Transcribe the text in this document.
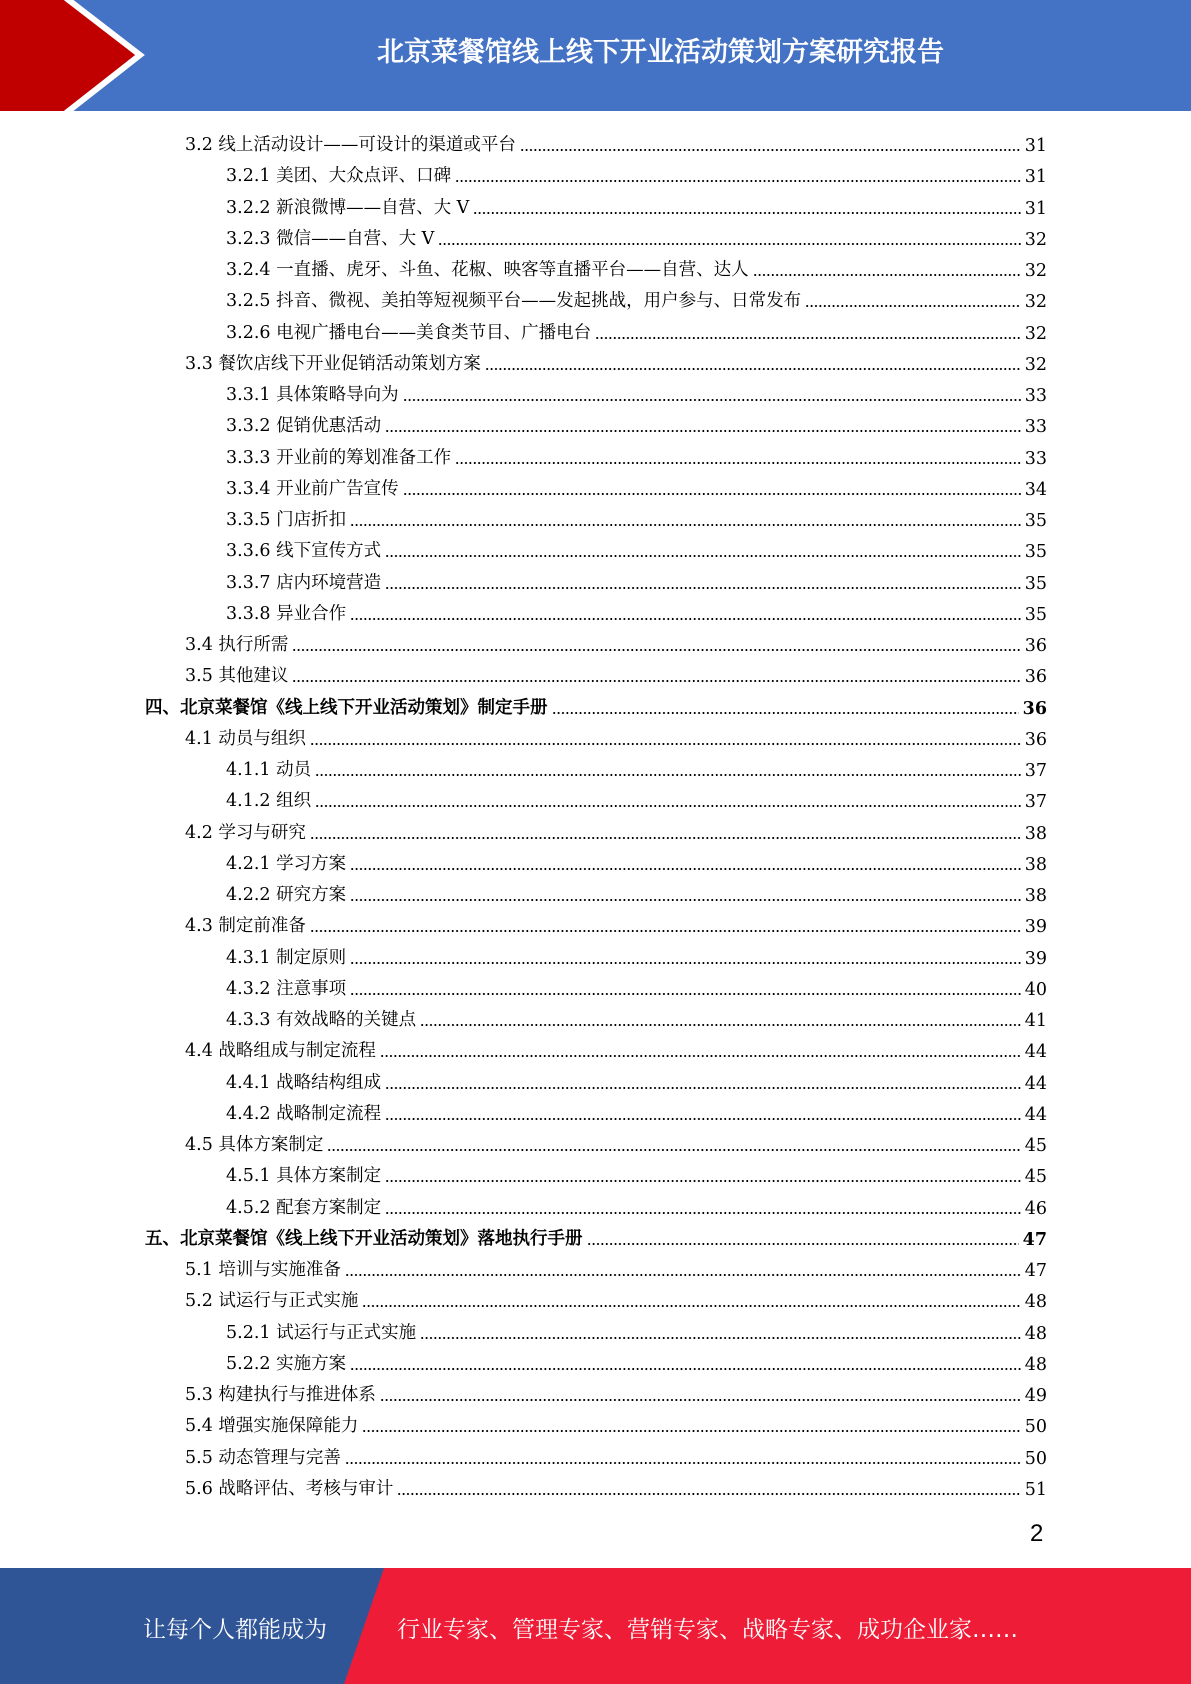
北京菜餐馆线上线下开业活动策划方案研究报告
3.2 线上活动设计——可设计的渠道或平台	31
3.2.1 美团、大众点评、口碑	31
3.2.2 新浪微博——自营、大 V	31
3.2.3 微信——自营、大 V	32
3.2.4 一直播、虎牙、斗鱼、花椒、映客等直播平台——自营、达人	32
3.2.5 抖音、微视、美拍等短视频平台——发起挑战，用户参与、日常发布	32
3.2.6 电视广播电台——美食类节目、广播电台	32
3.3 餐饮店线下开业促销活动策划方案	32
3.3.1 具体策略导向为	33
3.3.2 促销优惠活动	33
3.3.3 开业前的筹划准备工作	33
3.3.4 开业前广告宣传	34
3.3.5 门店折扣	35
3.3.6 线下宣传方式	35
3.3.7 店内环境营造	35
3.3.8 异业合作	35
3.4 执行所需	36
3.5 其他建议	36
四、北京菜餐馆《线上线下开业活动策划》制定手册	36
4.1 动员与组织	36
4.1.1 动员	37
4.1.2 组织	37
4.2 学习与研究	38
4.2.1 学习方案	38
4.2.2 研究方案	38
4.3 制定前准备	39
4.3.1 制定原则	39
4.3.2 注意事项	40
4.3.3 有效战略的关键点	41
4.4 战略组成与制定流程	44
4.4.1 战略结构组成	44
4.4.2 战略制定流程	44
4.5 具体方案制定	45
4.5.1 具体方案制定	45
4.5.2 配套方案制定	46
五、北京菜餐馆《线上线下开业活动策划》落地执行手册	47
5.1 培训与实施准备	47
5.2 试运行与正式实施	48
5.2.1 试运行与正式实施	48
5.2.2 实施方案	48
5.3 构建执行与推进体系	49
5.4 增强实施保障能力	50
5.5 动态管理与完善	50
5.6 战略评估、考核与审计	51
2
让每个人都能成为	行业专家、管理专家、营销专家、战略专家、成功企业家……
